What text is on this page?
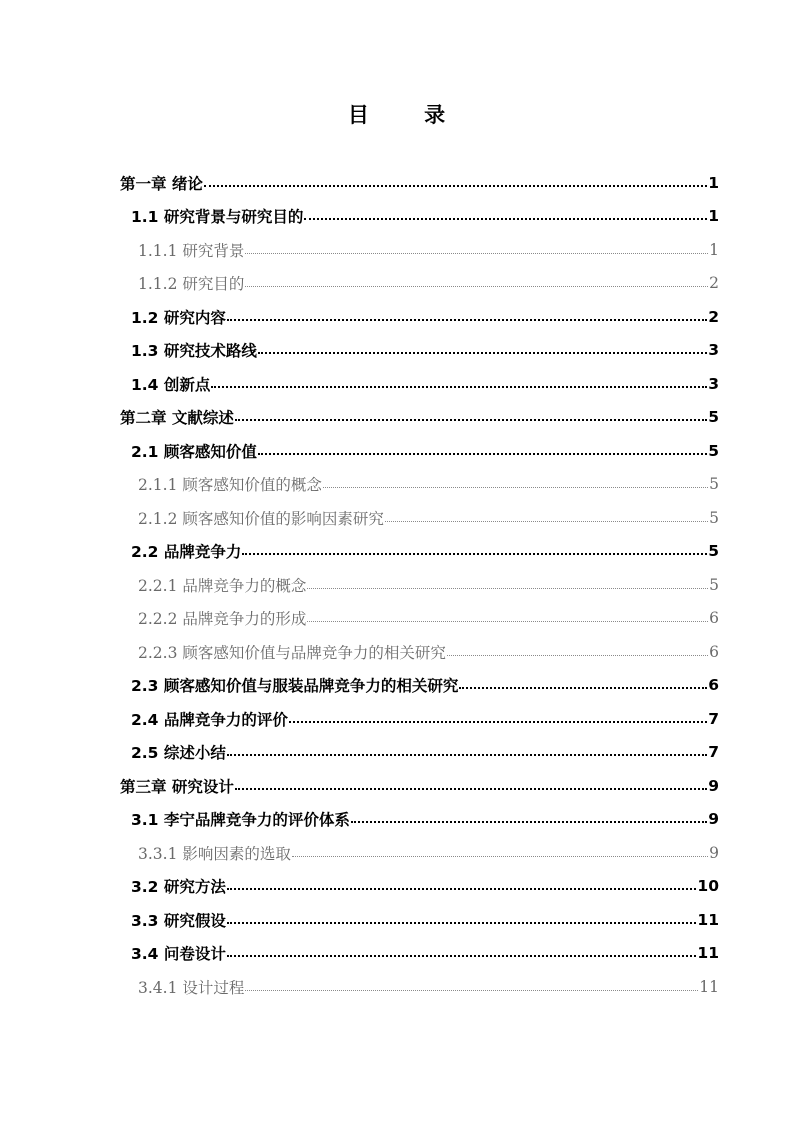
目 录
第一章 绪论	1
1.1 研究背景与研究目的	1
1.1.1 研究背景	1
1.1.2 研究目的	2
1.2 研究内容	2
1.3 研究技术路线	3
1.4 创新点	3
第二章 文献综述	5
2.1 顾客感知价值	5
2.1.1 顾客感知价值的概念	5
2.1.2 顾客感知价值的影响因素研究	5
2.2 品牌竞争力	5
2.2.1 品牌竞争力的概念	5
2.2.2 品牌竞争力的形成	6
2.2.3 顾客感知价值与品牌竞争力的相关研究	6
2.3 顾客感知价值与服装品牌竞争力的相关研究	6
2.4 品牌竞争力的评价	7
2.5 综述小结	7
第三章 研究设计	9
3.1 李宁品牌竞争力的评价体系	9
3.3.1 影响因素的选取	9
3.2 研究方法	10
3.3 研究假设	11
3.4 问卷设计	11
3.4.1 设计过程	11
